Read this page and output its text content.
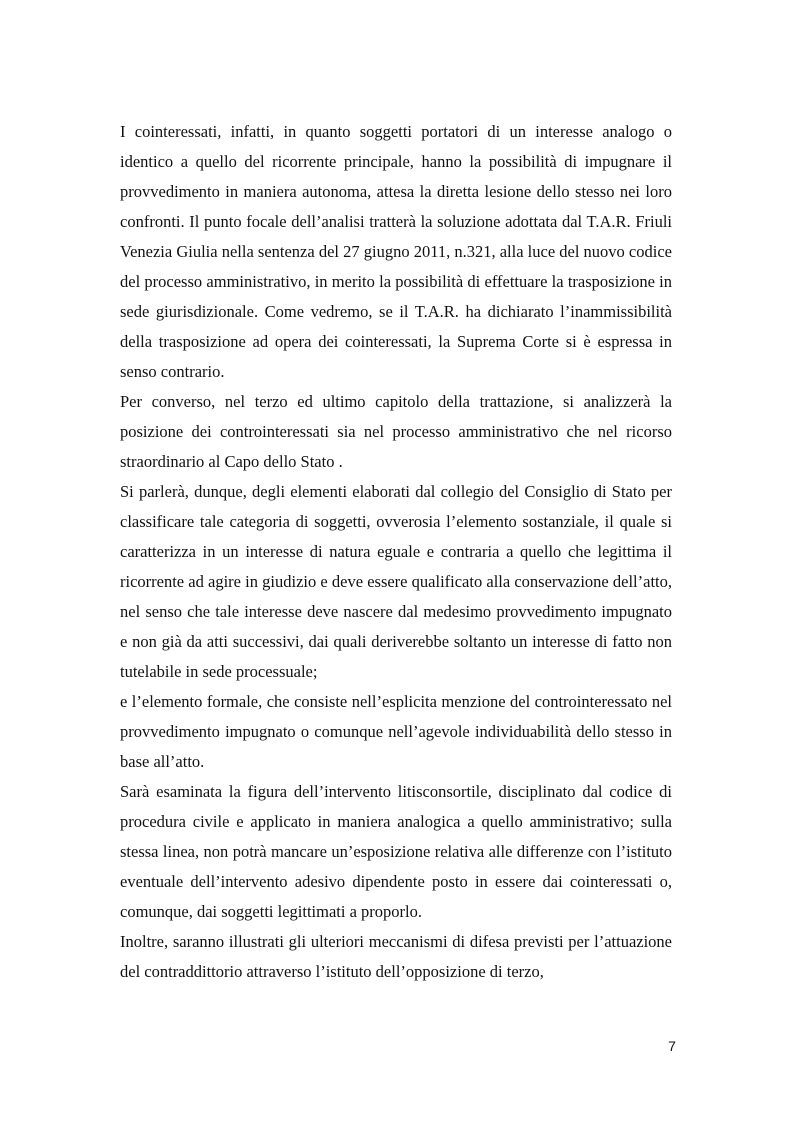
I cointeressati, infatti, in quanto soggetti portatori di un interesse analogo o identico a quello del ricorrente principale, hanno la possibilità di impugnare il provvedimento in maniera autonoma, attesa la diretta lesione dello stesso nei loro confronti. Il punto focale dell’analisi tratterà la soluzione adottata dal T.A.R. Friuli Venezia Giulia nella sentenza del 27 giugno 2011, n.321, alla luce del nuovo codice del processo amministrativo, in merito la possibilità di effettuare la trasposizione in sede giurisdizionale. Come vedremo, se il T.A.R. ha dichiarato l’inammissibilità della trasposizione ad opera dei cointeressati, la Suprema Corte si è espressa in senso contrario.

Per converso, nel terzo ed ultimo capitolo della trattazione, si analizzerà la posizione dei controinteressati sia nel processo amministrativo che nel ricorso straordinario al Capo dello Stato .

Si parlerà, dunque, degli elementi elaborati dal collegio del Consiglio di Stato per classificare tale categoria di soggetti, ovverosia l’elemento sostanziale, il quale si caratterizza in un interesse di natura eguale e contraria a quello che legittima il ricorrente ad agire in giudizio e deve essere qualificato alla conservazione dell’atto, nel senso che tale interesse deve nascere dal medesimo provvedimento impugnato e non già da atti successivi, dai quali deriverebbe soltanto un interesse di fatto non tutelabile in sede processuale;

e l’elemento formale, che consiste nell’esplicita menzione del controinteressato nel provvedimento impugnato o comunque nell’agevole individuabilità dello stesso in base all’atto.

Sarà esaminata la figura dell’intervento litisconsortile, disciplinato dal codice di procedura civile e applicato in maniera analogica a quello amministrativo; sulla stessa linea, non potrà mancare un’esposizione relativa alle differenze con l’istituto eventuale dell’intervento adesivo dipendente posto in essere dai cointeressati o, comunque, dai soggetti legittimati a proporlo.

Inoltre, saranno illustrati gli ulteriori meccanismi di difesa previsti per l’attuazione del contraddittorio attraverso l’istituto dell’opposizione di terzo,

7
